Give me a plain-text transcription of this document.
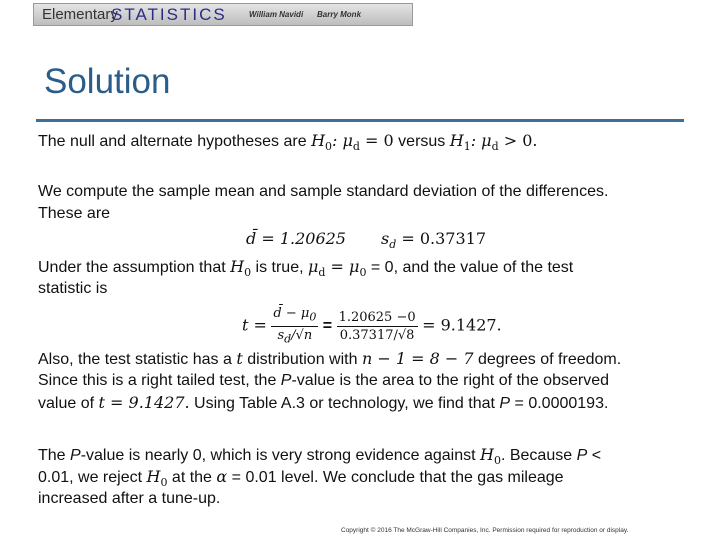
Elementary
STATISTICS	William Navidi Barry Monk
Solution
The null and alternate hypotheses are $H_0$: $\mu_d = 0$ versus $H_1$: $\mu_d > 0$.
We compute the sample mean and sample standard deviation of the differences.
These are
d̄ = 1.20625 $s_d = 0.37317$
Under the assumption that $H_0$ is true, $\mu_d = \mu_0 = 0$, and the value of the test
statistic is
$t = \frac{d̄ - \mu_0}{s_d/√n} = \frac{1.20625 -0}{0.37317/√8} = 9.1427$.
Also, the test statistic has a t distribution with n − 1 = 8 − 7 degrees of freedom.
Since this is a right tailed test, the P-value is the area to the right of the observed
value of t = 9.1427. Using Table A.3 or technology, we find that P = 0.0000193.
The P-value is nearly 0, which is very strong evidence against $H_0$. Because P <
0.01, we reject $H_0$ at the α = 0.01 level. We conclude that the gas mileage
increased after a tune-up.
Copyright © 2016 The McGraw-Hill Companies, Inc. Permission required for reproduction or display.
